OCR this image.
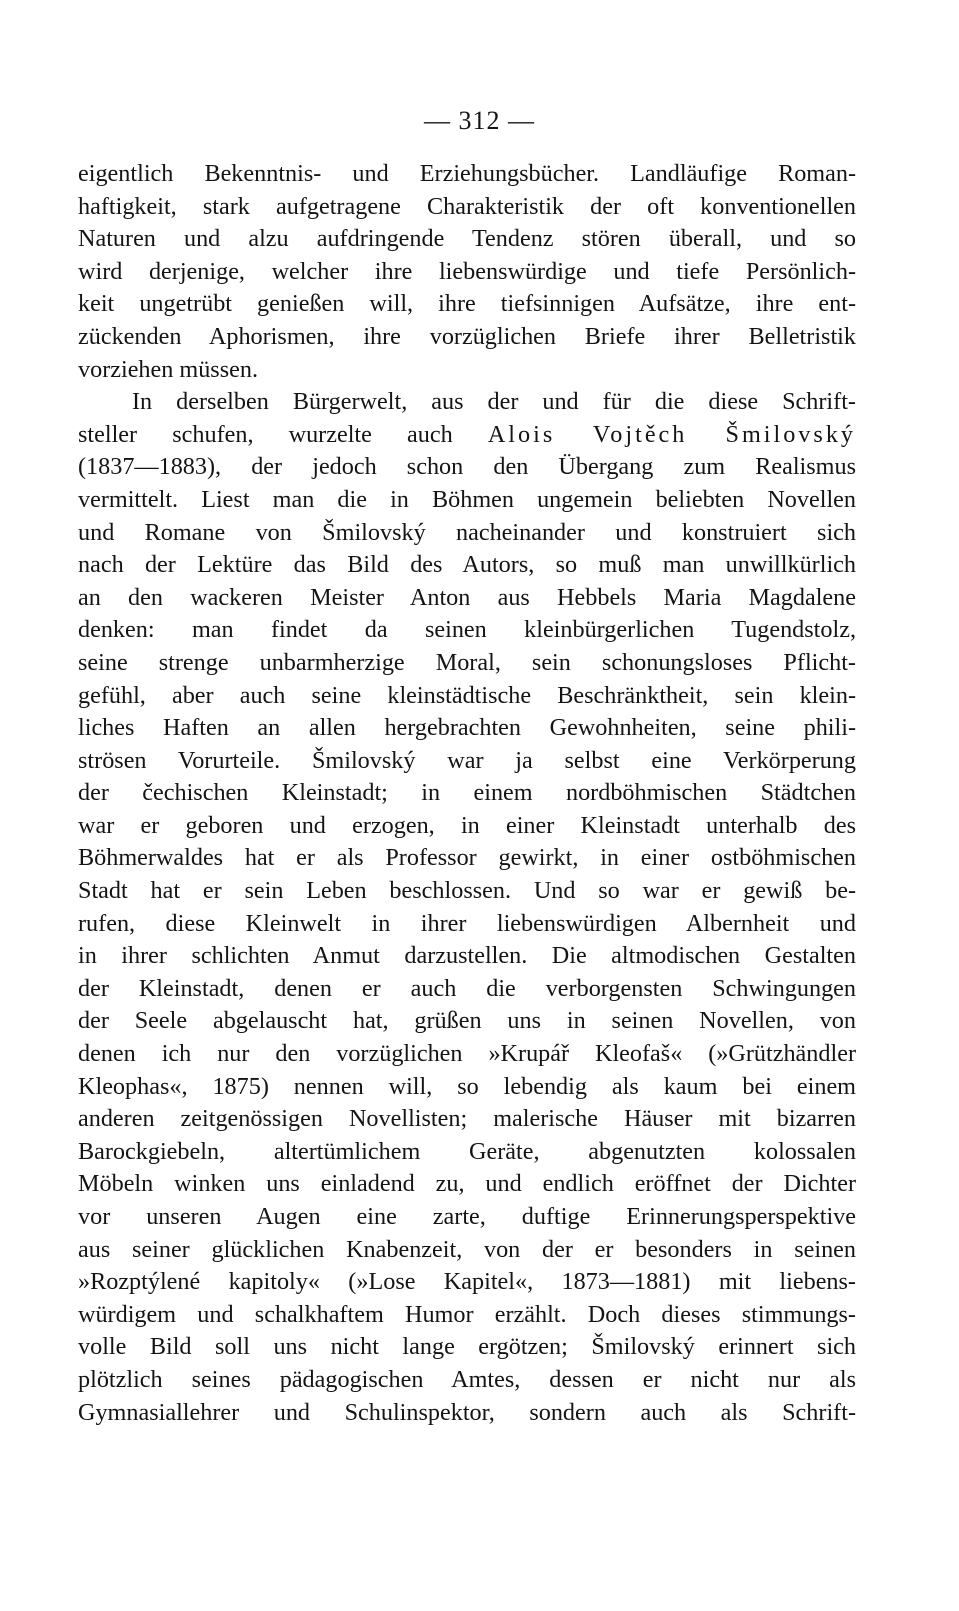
— 312 —
eigentlich Bekenntnis- und Erziehungsbücher. Landläufige Roman-
haftigkeit, stark aufgetragene Charakteristik der oft konventionellen
Naturen und alzu aufdringende Tendenz stören überall, und so
wird derjenige, welcher ihre liebenswürdige und tiefe Persönlich-
keit ungetrübt genießen will, ihre tiefsinnigen Aufsätze, ihre ent-
zückenden Aphorismen, ihre vorzüglichen Briefe ihrer Belletristik
vorziehen müssen.
In derselben Bürgerwelt, aus der und für die diese Schrift-
steller schufen, wurzelte auch Alois Vojtěch Šmilovský
(1837—1883), der jedoch schon den Übergang zum Realismus
vermittelt. Liest man die in Böhmen ungemein beliebten Novellen
und Romane von Šmilovský nacheinander und konstruiert sich
nach der Lektüre das Bild des Autors, so muß man unwillkürlich
an den wackeren Meister Anton aus Hebbels Maria Magdalene
denken: man findet da seinen kleinbürgerlichen Tugendstolz,
seine strenge unbarmherzige Moral, sein schonungsloses Pflicht-
gefühl, aber auch seine kleinstädtische Beschränktheit, sein klein-
liches Haften an allen hergebrachten Gewohnheiten, seine phili-
strösen Vorurteile. Šmilovský war ja selbst eine Verkörperung
der čechischen Kleinstadt; in einem nordböhmischen Städtchen
war er geboren und erzogen, in einer Kleinstadt unterhalb des
Böhmerwaldes hat er als Professor gewirkt, in einer ostböhmischen
Stadt hat er sein Leben beschlossen. Und so war er gewiß be-
rufen, diese Kleinwelt in ihrer liebenswürdigen Albernheit und
in ihrer schlichten Anmut darzustellen. Die altmodischen Gestalten
der Kleinstadt, denen er auch die verborgensten Schwingungen
der Seele abgelauscht hat, grüßen uns in seinen Novellen, von
denen ich nur den vorzüglichen »Krupář Kleofaš« (»Grützhändler
Kleophas«, 1875) nennen will, so lebendig als kaum bei einem
anderen zeitgenössigen Novellisten; malerische Häuser mit bizarren
Barockgiebeln, altertümlichem Geräte, abgenutzten kolossalen
Möbeln winken uns einladend zu, und endlich eröffnet der Dichter
vor unseren Augen eine zarte, duftige Erinnerungsperspektive
aus seiner glücklichen Knabenzeit, von der er besonders in seinen
»Rozptýlené kapitoly« (»Lose Kapitel«, 1873—1881) mit liebens-
würdigem und schalkhaftem Humor erzählt. Doch dieses stimmungs-
volle Bild soll uns nicht lange ergötzen; Šmilovský erinnert sich
plötzlich seines pädagogischen Amtes, dessen er nicht nur als
Gymnasiallehrer und Schulinspektor, sondern auch als Schrift-
